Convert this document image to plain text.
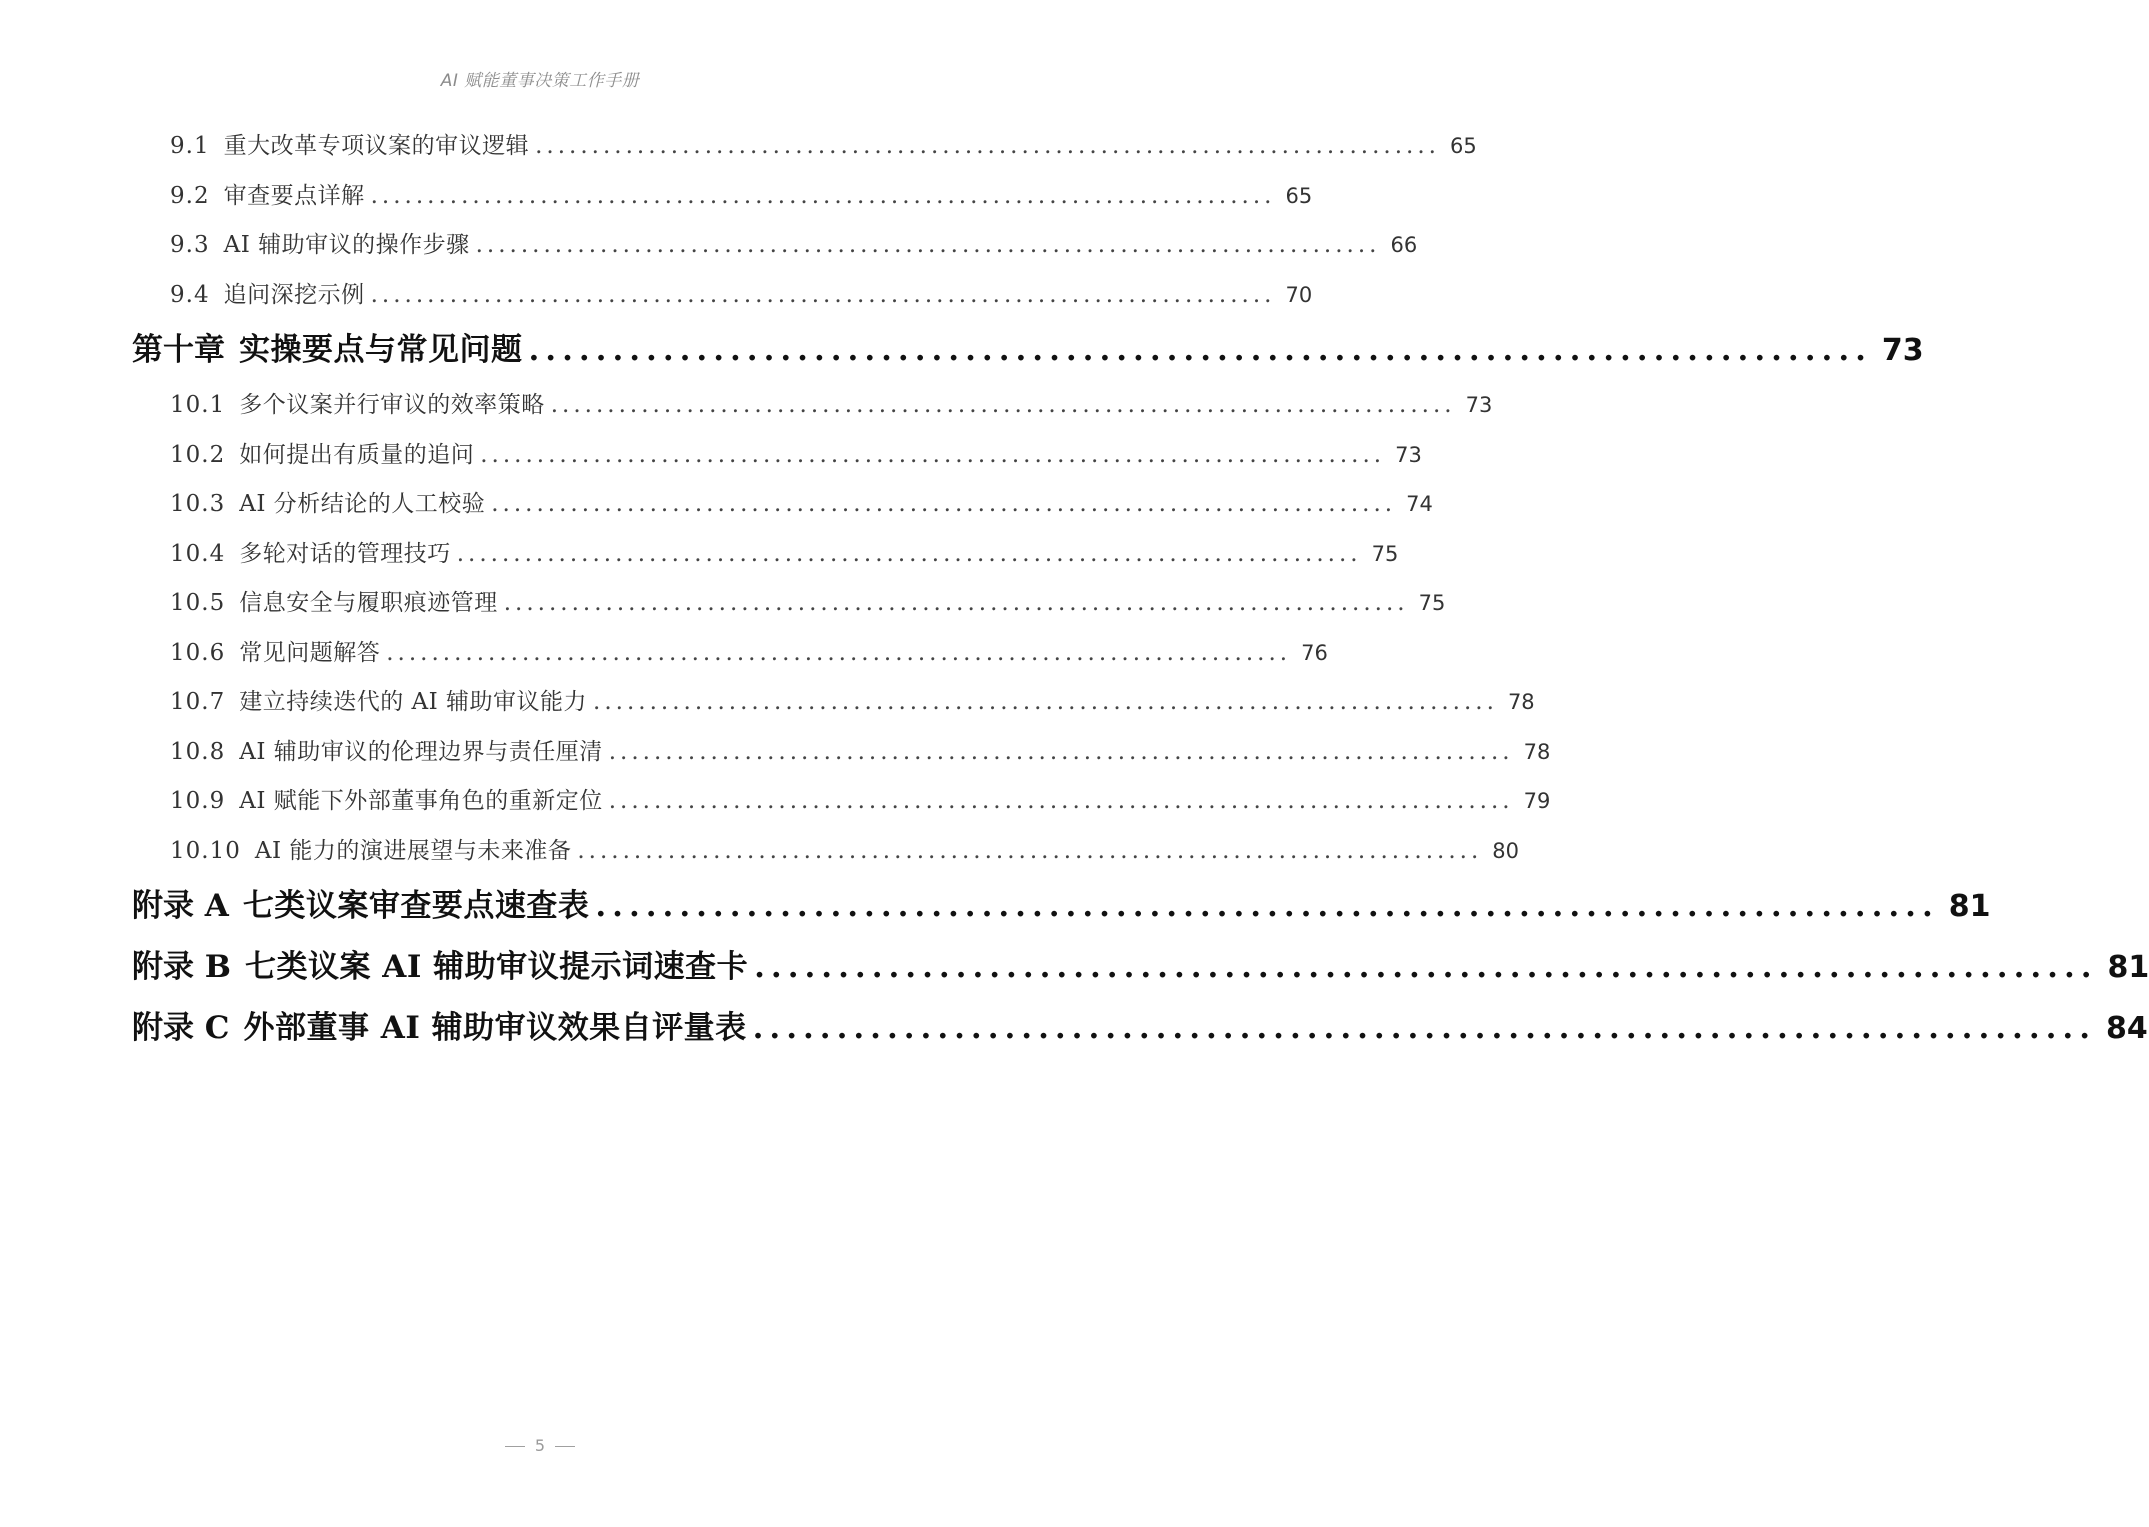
AI 赋能董事决策工作手册
9.1 重大改革专项议案的审议逻辑 ................................................................................ 65
9.2 审查要点详解 ................................................................................ 65
9.3 AI 辅助审议的操作步骤 ................................................................................ 66
9.4 追问深挖示例 ................................................................................ 70
第十章 实操要点与常见问题 ................................................................................ 73
10.1 多个议案并行审议的效率策略 ................................................................................ 73
10.2 如何提出有质量的追问 ................................................................................ 73
10.3 AI 分析结论的人工校验 ................................................................................ 74
10.4 多轮对话的管理技巧 ................................................................................ 75
10.5 信息安全与履职痕迹管理 ................................................................................ 75
10.6 常见问题解答 ................................................................................ 76
10.7 建立持续迭代的 AI 辅助审议能力 ................................................................................ 78
10.8 AI 辅助审议的伦理边界与责任厘清 ................................................................................ 78
10.9 AI 赋能下外部董事角色的重新定位 ................................................................................ 79
10.10 AI 能力的演进展望与未来准备 ................................................................................ 80
附录 A 七类议案审查要点速查表 ................................................................................ 81
附录 B 七类议案 AI 辅助审议提示词速查卡 ................................................................................ 81
附录 C 外部董事 AI 辅助审议效果自评量表 ................................................................................ 84
5
